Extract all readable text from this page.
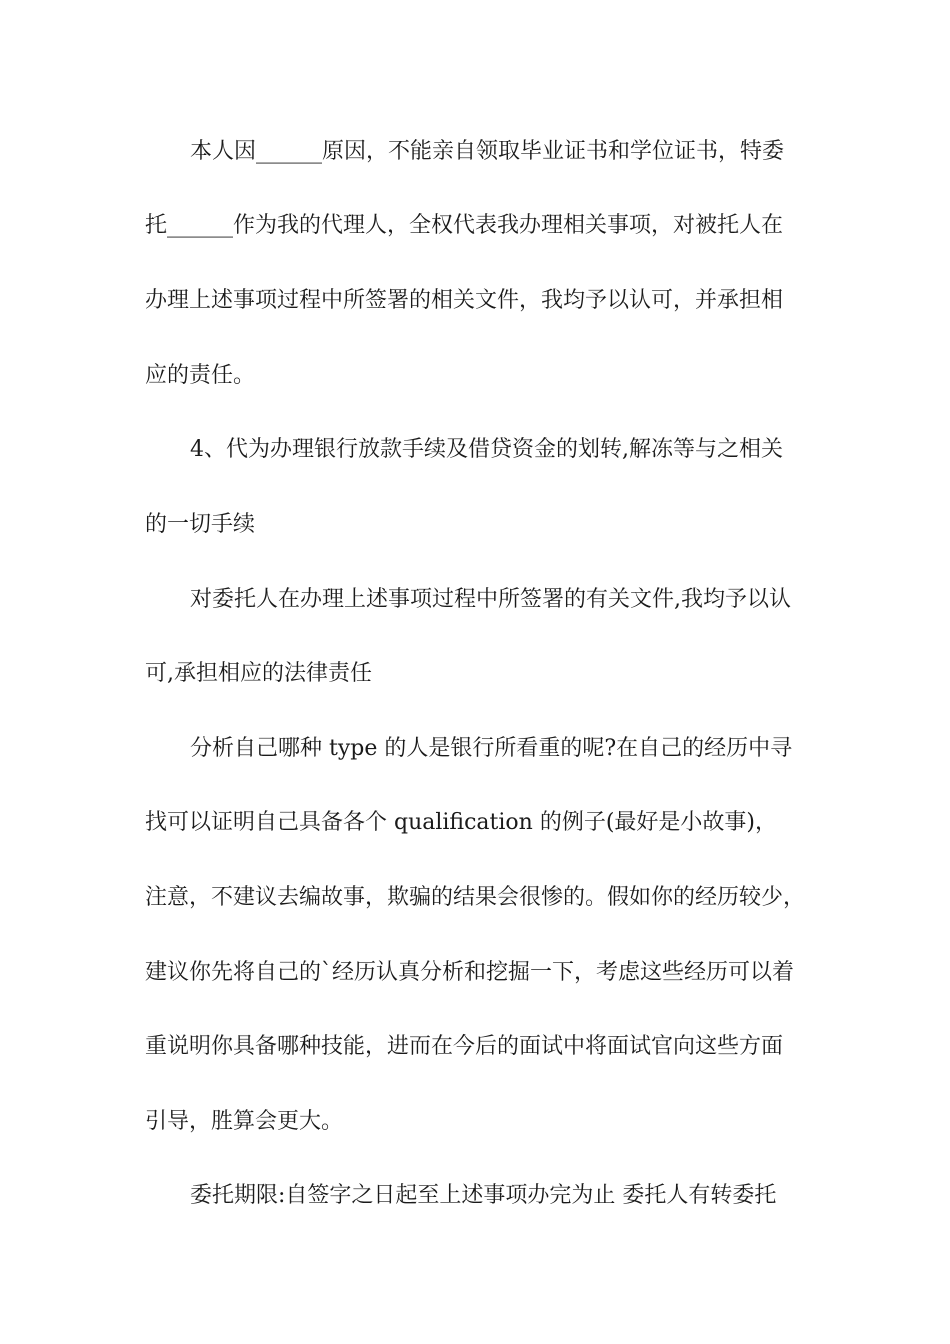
本人因______原因，不能亲自领取毕业证书和学位证书，特委
托______作为我的代理人，全权代表我办理相关事项，对被托人在
办理上述事项过程中所签署的相关文件，我均予以认可，并承担相
应的责任。
4、代为办理银行放款手续及借贷资金的划转,解冻等与之相关
的一切手续
对委托人在办理上述事项过程中所签署的有关文件,我均予以认
可,承担相应的法律责任
分析自己哪种 type 的人是银行所看重的呢?在自己的经历中寻
找可以证明自己具备各个 qualification 的例子(最好是小故事)，
注意，不建议去编故事，欺骗的结果会很惨的。假如你的经历较少，
建议你先将自己的`经历认真分析和挖掘一下，考虑这些经历可以着
重说明你具备哪种技能，进而在今后的面试中将面试官向这些方面
引导，胜算会更大。
委托期限:自签字之日起至上述事项办完为止 委托人有转委托
